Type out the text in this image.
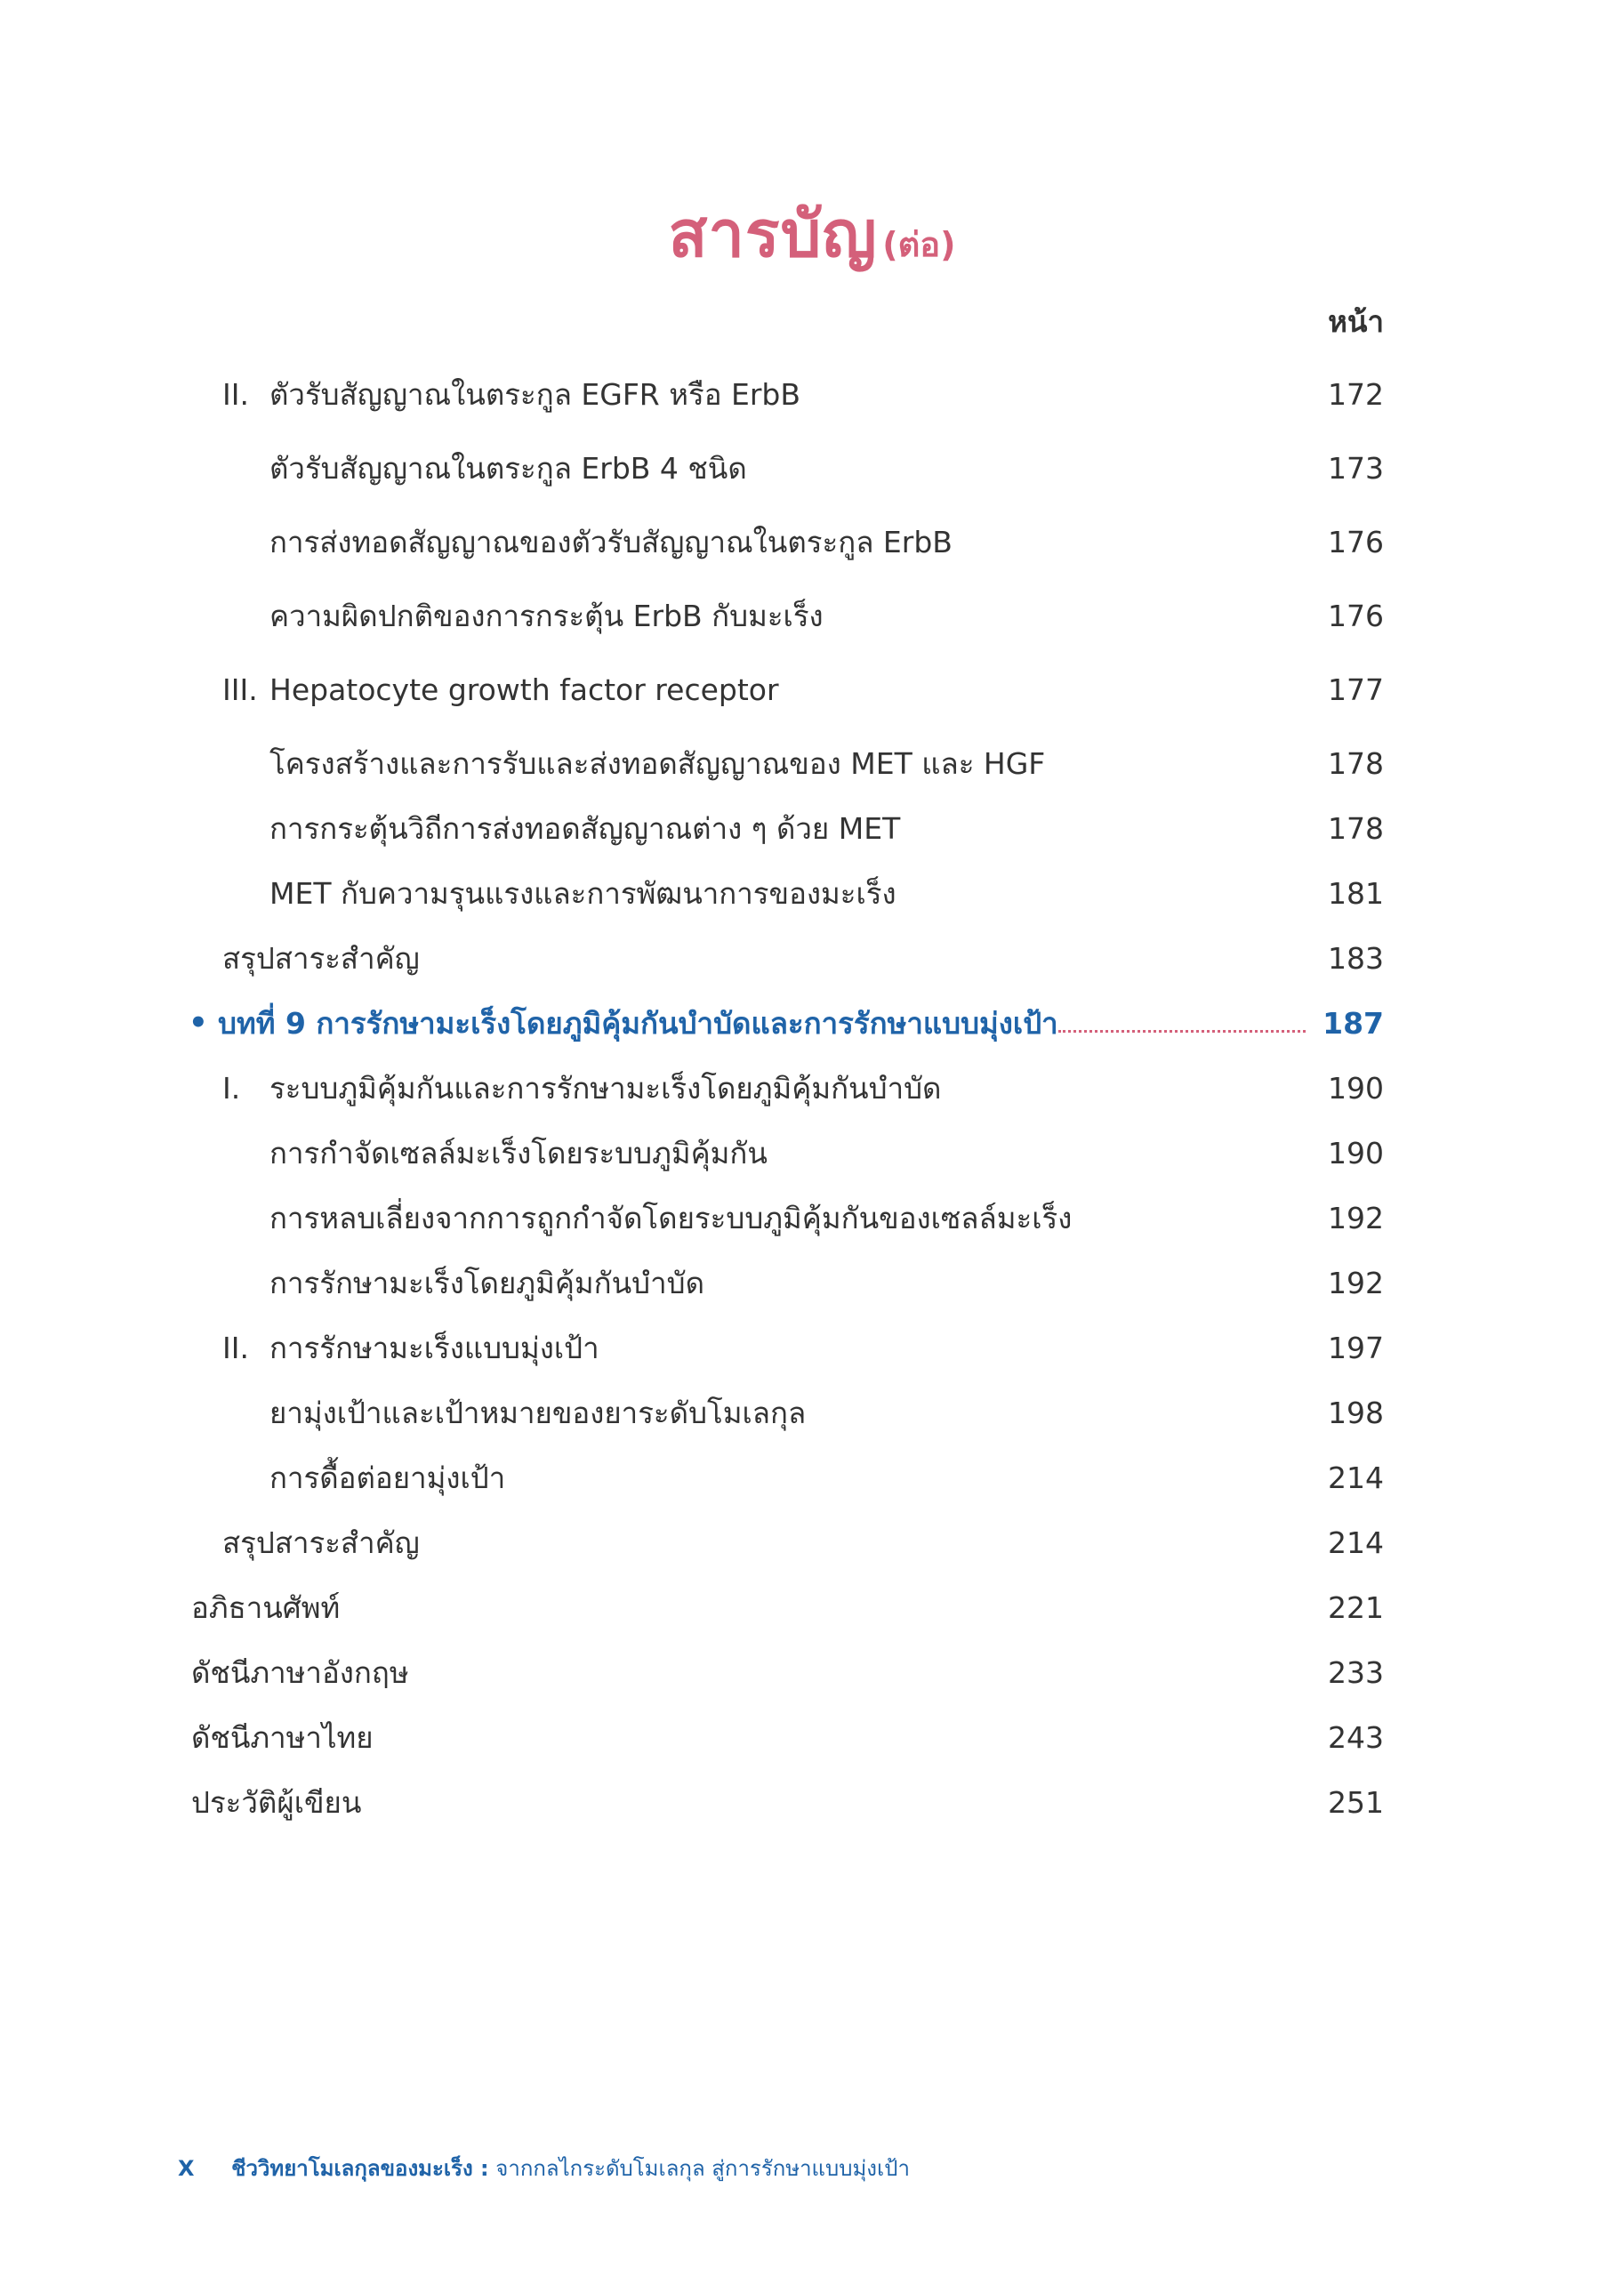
สารบัญ (ต่อ)
หน้า
II. ตัวรับสัญญาณในตระกูล EGFR หรือ ErbB	172
ตัวรับสัญญาณในตระกูล ErbB 4 ชนิด	173
การส่งทอดสัญญาณของตัวรับสัญญาณในตระกูล ErbB	176
ความผิดปกติของการกระตุ้น ErbB กับมะเร็ง	176
III. Hepatocyte growth factor receptor	177
โครงสร้างและการรับและส่งทอดสัญญาณของ MET และ HGF	178
การกระตุ้นวิถีการส่งทอดสัญญาณต่าง ๆ ด้วย MET	178
MET กับความรุนแรงและการพัฒนาการของมะเร็ง	181
สรุปสาระสำคัญ	183
• บทที่ 9 การรักษามะเร็งโดยภูมิคุ้มกันบำบัดและการรักษาแบบมุ่งเป้า	187
I. ระบบภูมิคุ้มกันและการรักษามะเร็งโดยภูมิคุ้มกันบำบัด	190
การกำจัดเซลล์มะเร็งโดยระบบภูมิคุ้มกัน	190
การหลบเลี่ยงจากการถูกกำจัดโดยระบบภูมิคุ้มกันของเซลล์มะเร็ง	192
การรักษามะเร็งโดยภูมิคุ้มกันบำบัด	192
II. การรักษามะเร็งแบบมุ่งเป้า	197
ยามุ่งเป้าและเป้าหมายของยาระดับโมเลกุล	198
การดื้อต่อยามุ่งเป้า	214
สรุปสาระสำคัญ	214
อภิธานศัพท์	221
ดัชนีภาษาอังกฤษ	233
ดัชนีภาษาไทย	243
ประวัติผู้เขียน	251
X ชีววิทยาโมเลกุลของมะเร็ง : จากกลไกระดับโมเลกุล สู่การรักษาแบบมุ่งเป้า
